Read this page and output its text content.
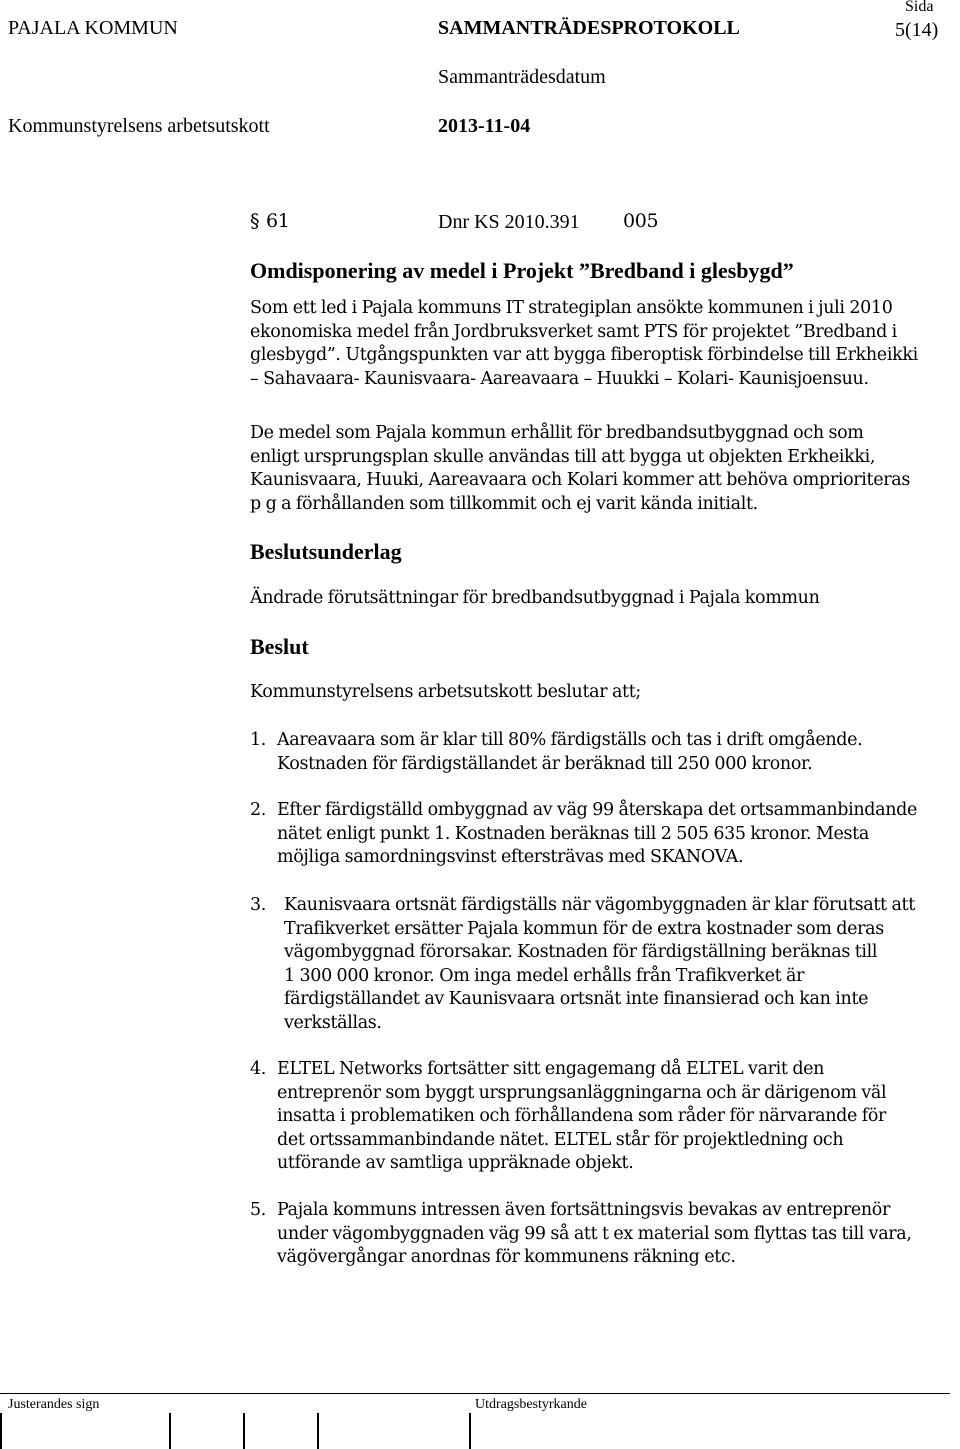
PAJALA KOMMUN	SAMMANTRÄDESPROTOKOLL
Sida
5(14)
Sammanträdesdatum
Kommunstyrelsens arbetsutskott	2013-11-04
§ 61	Dnr KS 2010.391 005
Omdisponering av medel i Projekt ”Bredband i glesbygd”
Som ett led i Pajala kommuns IT strategiplan ansökte kommunen i juli 2010
ekonomiska medel från Jordbruksverket samt PTS för projektet ”Bredband i
glesbygd”. Utgångspunkten var att bygga fiberoptisk förbindelse till Erkheikki
– Sahavaara- Kaunisvaara- Aareavaara – Huukki – Kolari- Kaunisjoensuu.
De medel som Pajala kommun erhållit för bredbandsutbyggnad och som
enligt ursprungsplan skulle användas till att bygga ut objekten Erkheikki,
Kaunisvaara, Huuki, Aareavaara och Kolari kommer att behöva omprioriteras
p g a förhållanden som tillkommit och ej varit kända initialt.
Beslutsunderlag
Ändrade förutsättningar för bredbandsutbyggnad i Pajala kommun
Beslut
Kommunstyrelsens arbetsutskott beslutar att;
1. Aareavaara som är klar till 80% färdigställs och tas i drift omgående.
Kostnaden för färdigställandet är beräknad till 250 000 kronor.
2. Efter färdigställd ombyggnad av väg 99 återskapa det ortsammanbindande
nätet enligt punkt 1. Kostnaden beräknas till 2 505 635 kronor. Mesta
möjliga samordningsvinst eftersträvas med SKANOVA.
3. Kaunisvaara ortsnät färdigställs när vägombyggnaden är klar förutsatt att
Trafikverket ersätter Pajala kommun för de extra kostnader som deras
vägombyggnad förorsakar. Kostnaden för färdigställning beräknas till
1 300 000 kronor. Om inga medel erhålls från Trafikverket är
färdigställandet av Kaunisvaara ortsnät inte finansierad och kan inte
verkställas.
4. ELTEL Networks fortsätter sitt engagemang då ELTEL varit den
entreprenör som byggt ursprungsanläggningarna och är därigenom väl
insatta i problematiken och förhållandena som råder för närvarande för
det ortssammanbindande nätet. ELTEL står för projektledning och
utförande av samtliga uppräknade objekt.
5. Pajala kommuns intressen även fortsättningsvis bevakas av entreprenör
under vägombyggnaden väg 99 så att t ex material som flyttas tas till vara,
vägövergångar anordnas för kommunens räkning etc.
Justerandes sign	Utdragsbestyrkande
